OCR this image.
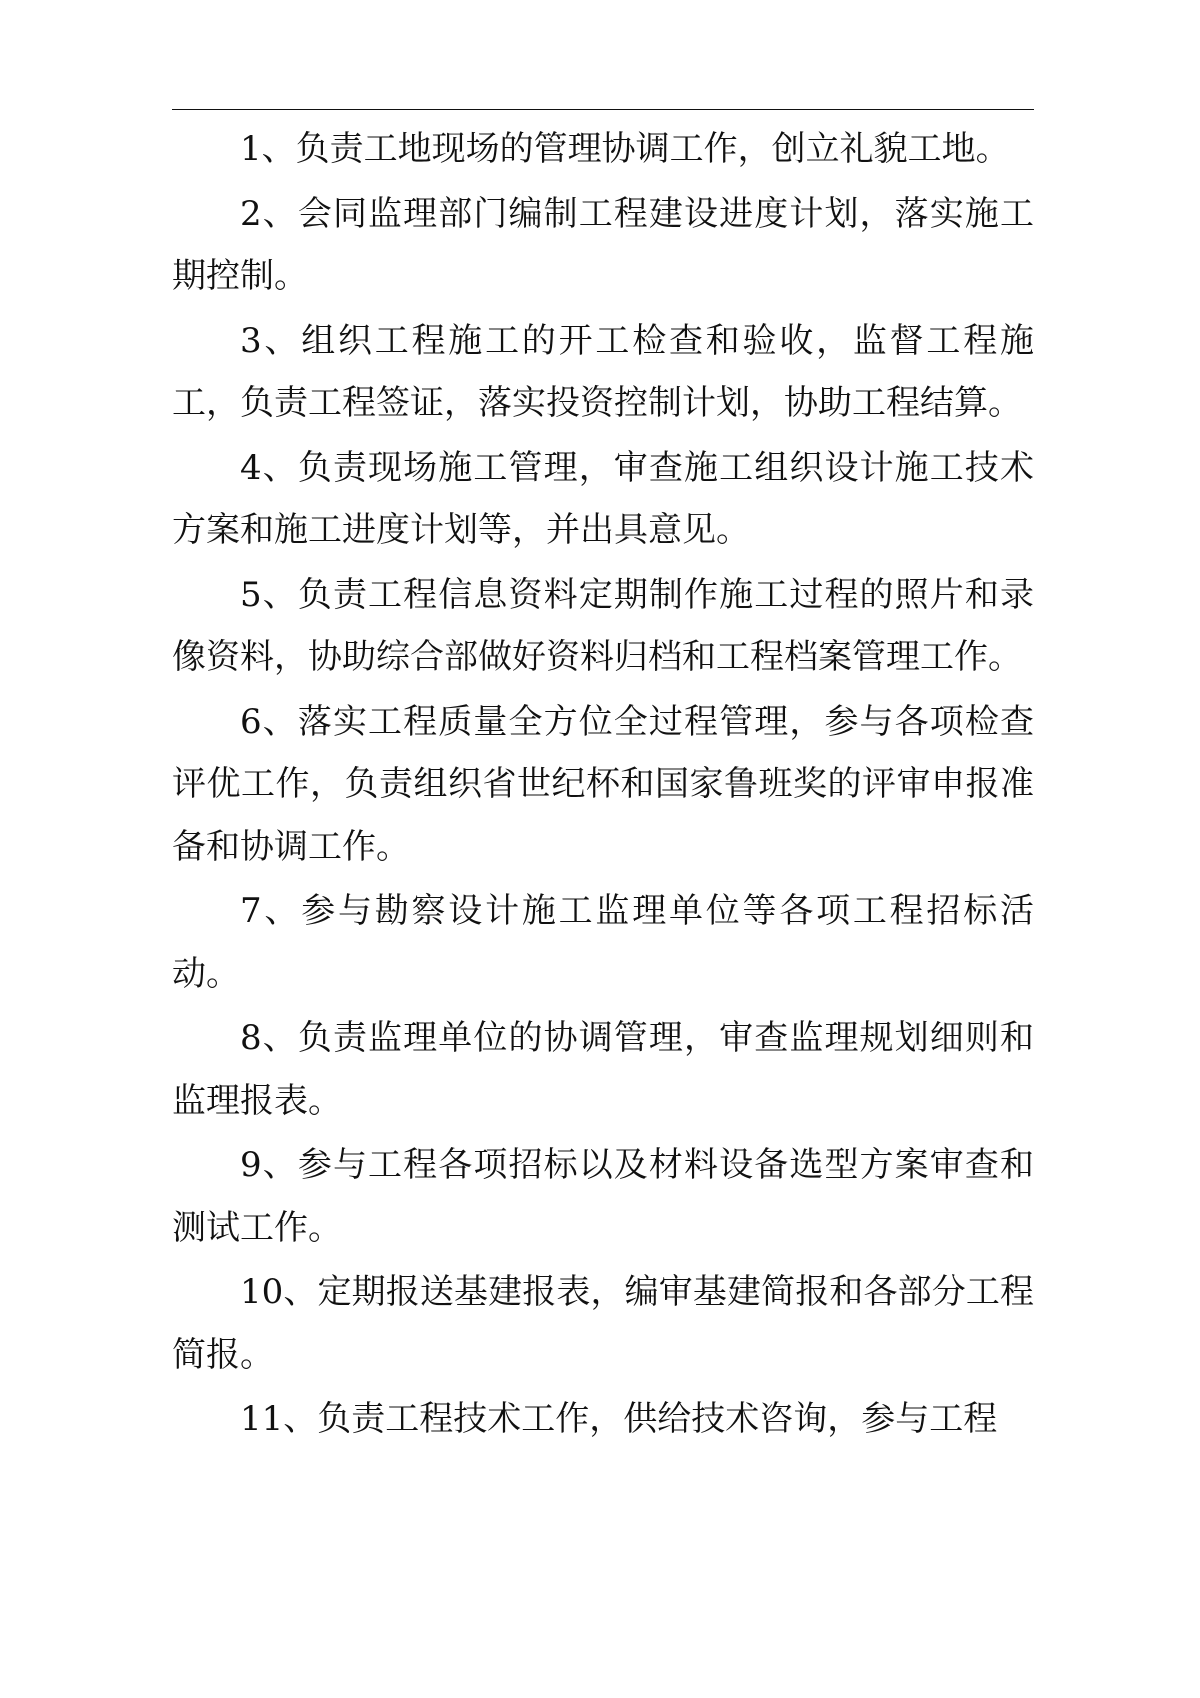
1、负责工地现场的管理协调工作，创立礼貌工地。

2、会同监理部门编制工程建设进度计划，落实施工期控制。

3、组织工程施工的开工检查和验收，监督工程施工，负责工程签证，落实投资控制计划，协助工程结算。

4、负责现场施工管理，审查施工组织设计施工技术方案和施工进度计划等，并出具意见。

5、负责工程信息资料定期制作施工过程的照片和录像资料，协助综合部做好资料归档和工程档案管理工作。

6、落实工程质量全方位全过程管理，参与各项检查评优工作，负责组织省世纪杯和国家鲁班奖的评审申报准备和协调工作。

7、参与勘察设计施工监理单位等各项工程招标活动。

8、负责监理单位的协调管理，审查监理规划细则和监理报表。

9、参与工程各项招标以及材料设备选型方案审查和测试工作。

10、定期报送基建报表，编审基建简报和各部分工程简报。

11、负责工程技术工作，供给技术咨询，参与工程
